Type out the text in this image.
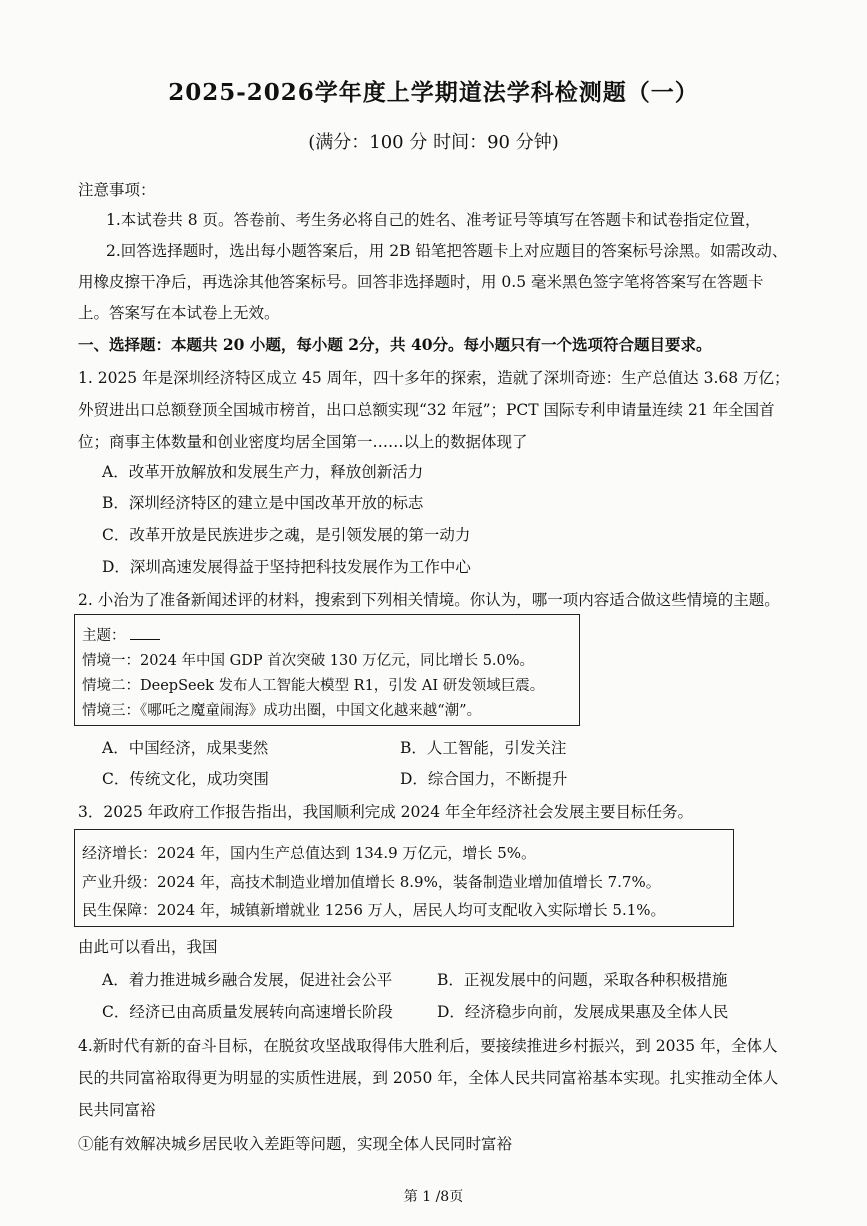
2025-2026学年度上学期道法学科检测题（一）
(满分：100 分 时间：90 分钟)
注意事项：
1.本试卷共 8 页。答卷前、考生务必将自己的姓名、准考证号等填写在答题卡和试卷指定位置，
2.回答选择题时，选出每小题答案后，用 2B 铅笔把答题卡上对应题目的答案标号涂黑。如需改动、
用橡皮擦干净后，再选涂其他答案标号。回答非选择题时，用 0.5 毫米黑色签字笔将答案写在答题卡
上。答案写在本试卷上无效。
一、选择题：本题共 20 小题，每小题 2分，共 40分。每小题只有一个选项符合题目要求。
1. 2025 年是深圳经济特区成立 45 周年，四十多年的探索，造就了深圳奇迹：生产总值达 3.68 万亿；
外贸进出口总额登顶全国城市榜首，出口总额实现“32 年冠”；PCT 国际专利申请量连续 21 年全国首
位；商事主体数量和创业密度均居全国第一……以上的数据体现了
A．改革开放解放和发展生产力，释放创新活力
B．深圳经济特区的建立是中国改革开放的标志
C．改革开放是民族进步之魂，是引领发展的第一动力
D．深圳高速发展得益于坚持把科技发展作为工作中心
2. 小治为了准备新闻述评的材料，搜索到下列相关情境。你认为，哪一项内容适合做这些情境的主题。
主题：
情境一：2024 年中国 GDP 首次突破 130 万亿元，同比增长 5.0%。
情境二：DeepSeek 发布人工智能大模型 R1，引发 AI 研发领域巨震。
情境三：《哪吒之魔童闹海》成功出圈，中国文化越来越“潮”。
A．中国经济，成果斐然	B．人工智能，引发关注
C．传统文化，成功突围	D．综合国力，不断提升
3．2025 年政府工作报告指出，我国顺利完成 2024 年全年经济社会发展主要目标任务。
经济增长：2024 年，国内生产总值达到 134.9 万亿元，增长 5%。
产业升级：2024 年，高技术制造业增加值增长 8.9%，装备制造业增加值增长 7.7%。
民生保障：2024 年，城镇新增就业 1256 万人，居民人均可支配收入实际增长 5.1%。
由此可以看出，我国
A．着力推进城乡融合发展，促进社会公平	B．正视发展中的问题，采取各种积极措施
C．经济已由高质量发展转向高速增长阶段	D．经济稳步向前，发展成果惠及全体人民
4.新时代有新的奋斗目标，在脱贫攻坚战取得伟大胜利后，要接续推进乡村振兴，到 2035 年，全体人
民的共同富裕取得更为明显的实质性进展，到 2050 年，全体人民共同富裕基本实现。扎实推动全体人
民共同富裕
①能有效解决城乡居民收入差距等问题，实现全体人民同时富裕
第 1 /8页
